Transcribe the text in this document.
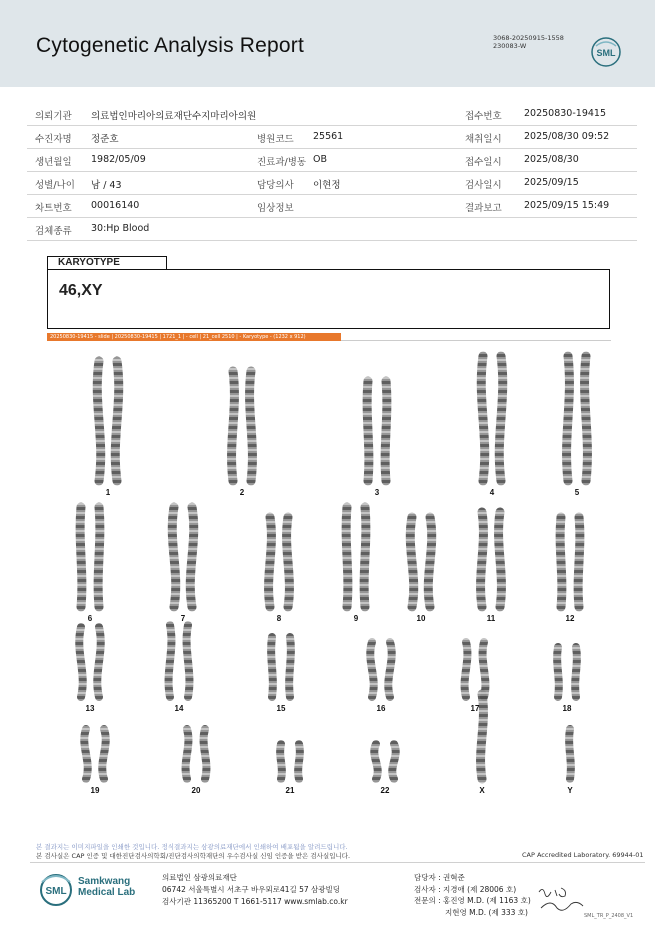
Cytogenetic Analysis Report	3068-20250915-1558
230083-W
SML
의뢰기관 의료법인마리아의료재단수지마리아의원	접수번호 20250830-19415
수진자명 정준호	병원코드 25561	채취일시 2025/08/30 09:52
생년월일 1982/05/09	진료과/병동 OB	접수일시 2025/08/30
성별/나이 남 / 43	담당의사 이현정	검사일시 2025/09/15
차트번호 00016140	임상정보	결과보고 2025/09/15 15:49
검체종류 30:Hp Blood
KARYOTYPE
46,XY
20250830-19415 - slide | 20250830-19415 | 1721_1 | - cell | 21_cell 2510 | - Karyotype - (1232 x 912)
1	2	3	4	5
6	7	8	9	10	11	12
13	14	15	16	17	18
19	20	21	22	X	Y
본 결과지는 이미지파일을 인쇄한 것입니다. 정식결과지는 삼광의료재단에서 인쇄하여 배포됨을 알려드립니다.
본 검사실은 CAP 인증 및 대한진단검사의학회/진단검사의학재단의 우수검사실 신임 인증을 받은 검사실입니다.	CAP Accredited Laboratory. 69944-01
SML
Samkwang
Medical Lab
의료법인 삼광의료재단
06742 서울특별시 서초구 바우뫼로41길 57 삼광빌딩
검사기관 11365200 T 1661-5117 www.smlab.co.kr
담당자 : 권혁준
검사자 : 지경애 (제 28006 호)
전문의 : 홍진영 M.D. (제 1163 호)
지현영 M.D. (제 333 호)	SML_TR_P_2408_V1
